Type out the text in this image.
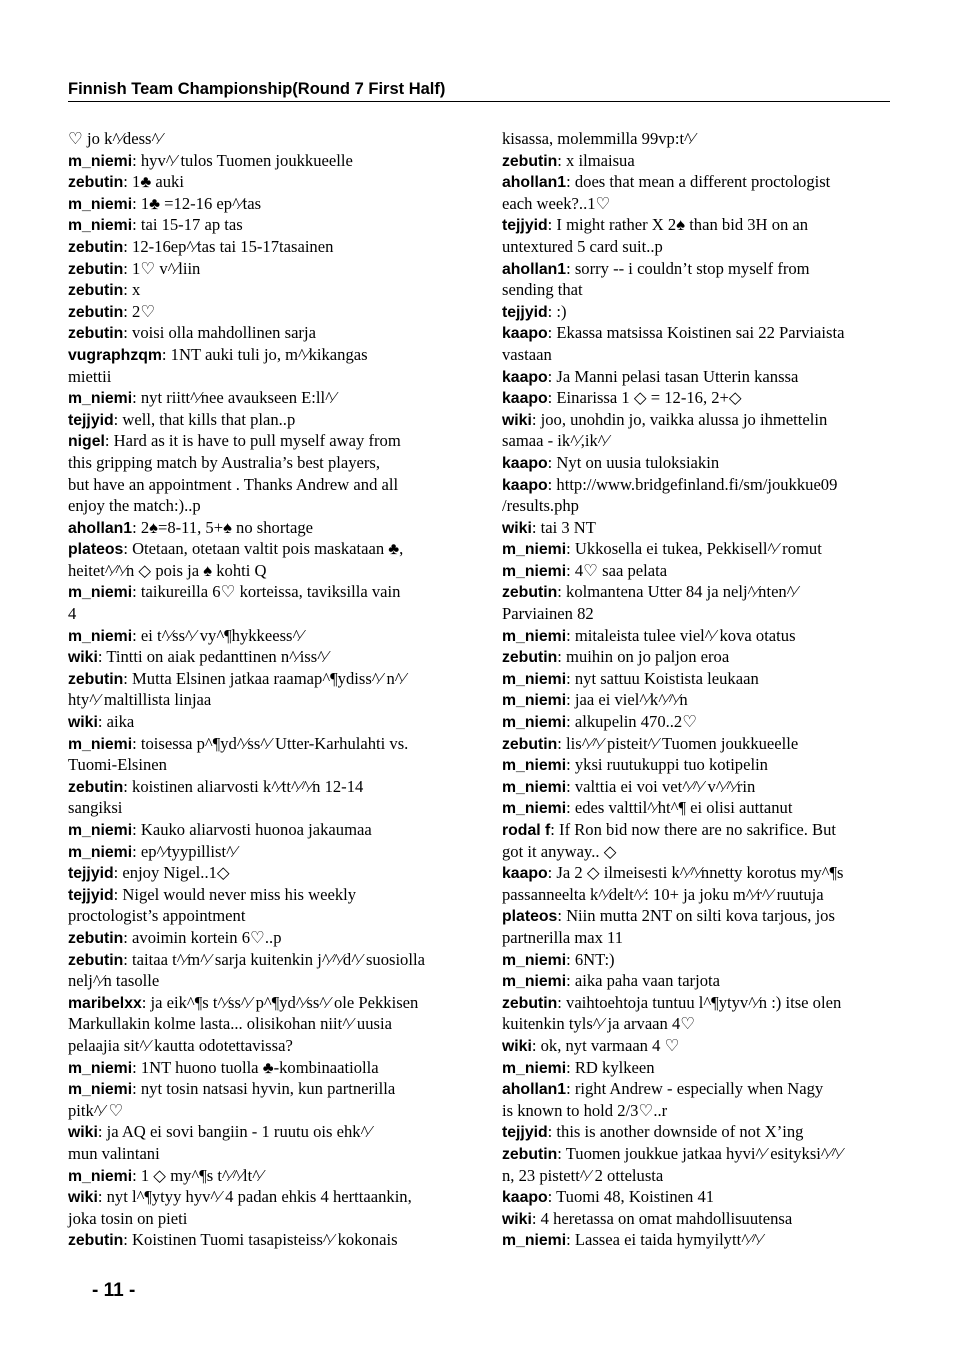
Finnish Team Championship(Round 7 First Half)
♡ jo k^⁄dess^⁄
m_niemi: hyv^⁄ tulos Tuomen joukkueelle
zebutin: 1♣ auki
m_niemi: 1♣ =12-16 ep^⁄tas
m_niemi: tai 15-17 ap tas
zebutin: 12-16ep^⁄tas tai 15-17tasainen
zebutin: 1♡ v^⁄liin
zebutin: x
zebutin: 2♡
zebutin: voisi olla mahdollinen sarja
vugraphzqm: 1NT auki tuli jo, m^⁄kikangas
miettii
m_niemi: nyt riitt^⁄nee avaukseen E:ll^⁄
tejjyid: well, that kills that plan..p
nigel: Hard as it is have to pull myself away from
this gripping match by Australia’s best players,
but have an appointment . Thanks Andrew and all
enjoy the match:)..p
ahollan1: 2♠=8-11, 5+♠ no shortage
plateos: Otetaan, otetaan valtit pois maskataan ♣,
heitet^⁄^⁄n ◇ pois ja ♠ kohti Q
m_niemi: taikureilla 6♡ korteissa, taviksilla vain
4
m_niemi: ei t^⁄ss^⁄ vy^¶hykkeess^⁄
wiki: Tintti on aiak pedanttinen n^⁄iss^⁄
zebutin: Mutta Elsinen jatkaa raamap^¶ydiss^⁄ n^⁄
hty^⁄ maltillista linjaa
wiki: aika
m_niemi: toisessa p^¶yd^⁄ss^⁄ Utter-Karhulahti vs.
Tuomi-Elsinen
zebutin: koistinen aliarvosti k^⁄tt^⁄^⁄n 12-14
sangiksi
m_niemi: Kauko aliarvosti huonoa jakaumaa
m_niemi: ep^⁄tyypillist^⁄
tejjyid: enjoy Nigel..1◇
tejjyid: Nigel would never miss his weekly
proctologist’s appointment
zebutin: avoimin kortein 6♡..p
zebutin: taitaa t^⁄m^⁄ sarja kuitenkin j^⁄^⁄d^⁄ suosiolla
nelj^⁄n tasolle
maribelxx: ja eik^¶s t^⁄ss^⁄ p^¶yd^⁄ss^⁄ ole Pekkisen
Markullakin kolme lasta... olisikohan niit^⁄ uusia
pelaajia sit^⁄ kautta odotettavissa?
m_niemi: 1NT huono tuolla ♣-kombinaatiolla
m_niemi: nyt tosin natsasi hyvin, kun partnerilla
pitk^⁄ ♡
wiki: ja AQ ei sovi bangiin - 1 ruutu ois ehk^⁄
mun valintani
m_niemi: 1 ◇ my^¶s t^⁄^⁄lt^⁄
wiki: nyt l^¶ytyy hyv^⁄ 4 padan ehkis 4 herttaankin,
joka tosin on pieti
zebutin: Koistinen Tuomi tasapisteiss^⁄ kokonais
kisassa, molemmilla 99vp:t^⁄
zebutin: x ilmaisua
ahollan1: does that mean a different proctologist
each week?..1♡
tejjyid: I might rather X 2♠ than bid 3H on an
untextured 5 card suit..p
ahollan1: sorry -- i couldn’t stop myself from
sending that
tejjyid: :)
kaapo: Ekassa matsissa Koistinen sai 22 Parviaista
vastaan
kaapo: Ja Manni pelasi tasan Utterin kanssa
kaapo: Einarissa 1 ◇ = 12-16, 2+◇
wiki: joo, unohdin jo, vaikka alussa jo ihmettelin
samaa - ik^⁄,ik^⁄
kaapo: Nyt on uusia tuloksiakin
kaapo: http://www.bridgefinland.fi/sm/joukkue09
/results.php
wiki: tai 3 NT
m_niemi: Ukkosella ei tukea, Pekkisell^⁄ romut
m_niemi: 4♡ saa pelata
zebutin: kolmantena Utter 84 ja nelj^⁄nten^⁄
Parviainen 82
m_niemi: mitaleista tulee viel^⁄ kova otatus
zebutin: muihin on jo paljon eroa
m_niemi: nyt sattuu Koistista leukaan
m_niemi: jaa ei viel^⁄k^⁄^⁄n
m_niemi: alkupelin 470..2♡
zebutin: lis^⁄^⁄ pisteit^⁄ Tuomen joukkueelle
m_niemi: yksi ruutukuppi tuo kotipelin
m_niemi: valttia ei voi vet^⁄^⁄ v^⁄^⁄rin
m_niemi: edes valttil^⁄ht^¶ ei olisi auttanut
rodal f: If Ron bid now there are no sakrifice. But
got it anyway.. ◇
kaapo: Ja 2 ◇ ilmeisesti k^⁄^⁄nnetty korotus my^¶s
passanneelta k^⁄delt^⁄: 10+ ja joku m^⁄r^⁄ ruutuja
plateos: Niin mutta 2NT on silti kova tarjous, jos
partnerilla max 11
m_niemi: 6NT:)
m_niemi: aika paha vaan tarjota
zebutin: vaihtoehtoja tuntuu l^¶ytyv^⁄n :) itse olen
kuitenkin tyls^⁄ ja arvaan 4♡
wiki: ok, nyt varmaan 4 ♡
m_niemi: RD kylkeen
ahollan1: right Andrew - especially when Nagy
is known to hold 2/3♡..r
tejjyid: this is another downside of not X’ing
zebutin: Tuomen joukkue jatkaa hyvi^⁄ esityksi^⁄^⁄
n, 23 pistett^⁄ 2 ottelusta
kaapo: Tuomi 48, Koistinen 41
wiki: 4 heretassa on omat mahdollisuutensa
m_niemi: Lassea ei taida hymyilytt^⁄^⁄
- 11 -
